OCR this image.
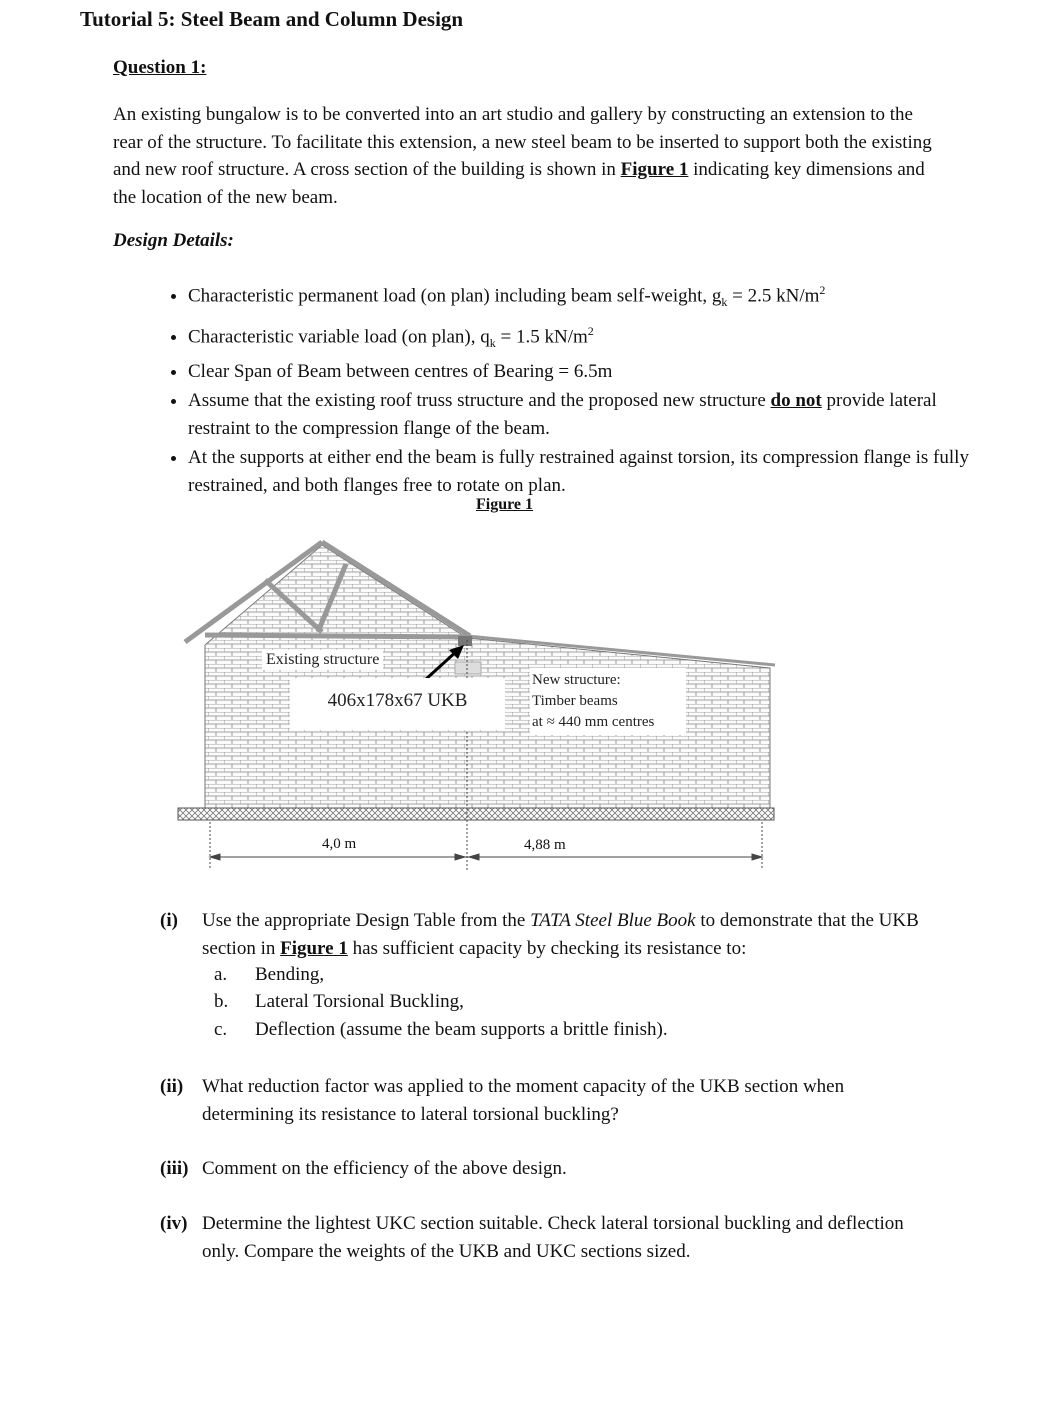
Tutorial 5: Steel Beam and Column Design
Question 1:
An existing bungalow is to be converted into an art studio and gallery by constructing an extension to the rear of the structure. To facilitate this extension, a new steel beam to be inserted to support both the existing and new roof structure. A cross section of the building is shown in Figure 1 indicating key dimensions and the location of the new beam.
Design Details:
• Characteristic permanent load (on plan) including beam self-weight, $g_k = 2.5$ $kN/m^2$
• Characteristic variable load (on plan), $q_k = 1.5$ $kN/m^2$
• Clear Span of Beam between centres of Bearing = 6.5m
• Assume that the existing roof truss structure and the proposed new structure do not provide lateral restraint to the compression flange of the beam.
• At the supports at either end the beam is fully restrained against torsion, its compression flange is fully restrained, and both flanges free to rotate on plan.
Figure 1
Existing structure
406x178x67 UKB
New structure:
Timber beams
at ≈ 440 mm centres
4,0 m	4,88 m
(i) Use the appropriate Design Table from the TATA Steel Blue Book to demonstrate that the UKB section in Figure 1 has sufficient capacity by checking its resistance to:
a. Bending,
b. Lateral Torsional Buckling,
c. Deflection (assume the beam supports a brittle finish).
(ii) What reduction factor was applied to the moment capacity of the UKB section when determining its resistance to lateral torsional buckling?
(iii) Comment on the efficiency of the above design.
(iv) Determine the lightest UKC section suitable. Check lateral torsional buckling and deflection only. Compare the weights of the UKB and UKC sections sized.
